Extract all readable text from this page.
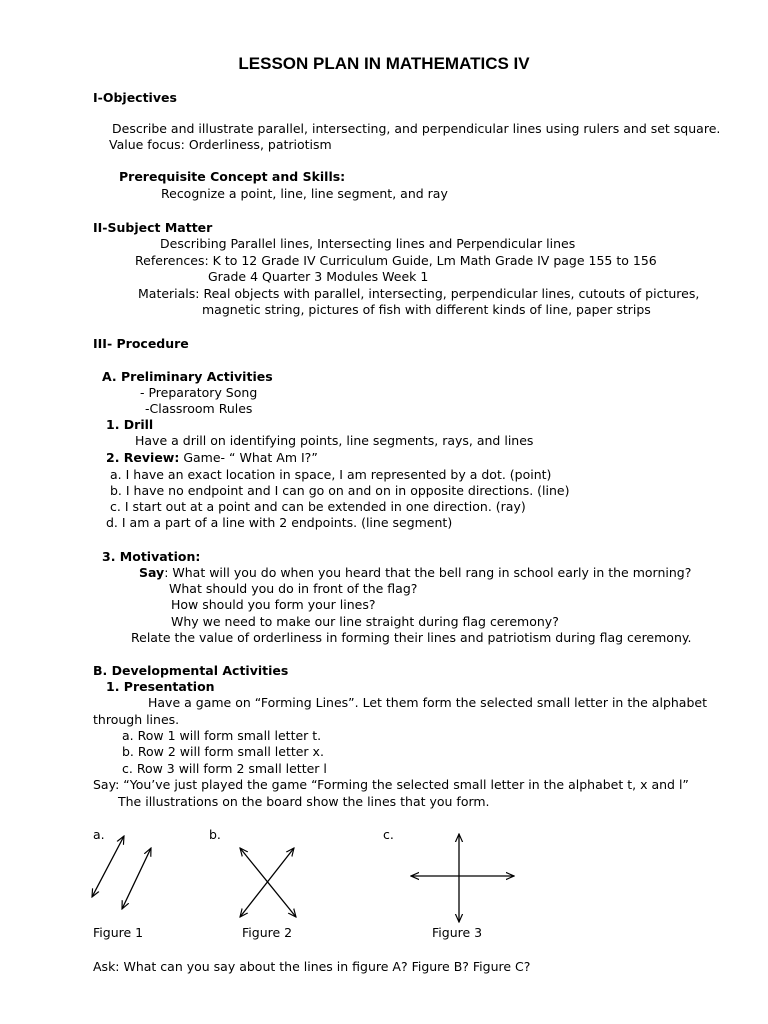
LESSON PLAN IN MATHEMATICS IV
I-Objectives
Describe and illustrate parallel, intersecting, and perpendicular lines using rulers and set square.
Value focus: Orderliness, patriotism
Prerequisite Concept and Skills:
Recognize a point, line, line segment, and ray
II-Subject Matter
Describing Parallel lines, Intersecting lines and Perpendicular lines
References: K to 12 Grade IV Curriculum Guide, Lm Math Grade IV page 155 to 156
Grade 4 Quarter 3 Modules Week 1
Materials: Real objects with parallel, intersecting, perpendicular lines, cutouts of pictures,
magnetic string, pictures of fish with different kinds of line, paper strips
III- Procedure
A. Preliminary Activities
- Preparatory Song
-Classroom Rules
1. Drill
Have a drill on identifying points, line segments, rays, and lines
2. Review: Game- “ What Am I?”
a. I have an exact location in space, I am represented by a dot. (point)
b. I have no endpoint and I can go on and on in opposite directions. (line)
c. I start out at a point and can be extended in one direction. (ray)
d. I am a part of a line with 2 endpoints. (line segment)
3. Motivation:
Say: What will you do when you heard that the bell rang in school early in the morning?
What should you do in front of the flag?
How should you form your lines?
Why we need to make our line straight during flag ceremony?
Relate the value of orderliness in forming their lines and patriotism during flag ceremony.
B. Developmental Activities
1. Presentation
Have a game on “Forming Lines”. Let them form the selected small letter in the alphabet
through lines.
a. Row 1 will form small letter t.
b. Row 2 will form small letter x.
c. Row 3 will form 2 small letter l
Say: “You’ve just played the game “Forming the selected small letter in the alphabet t, x and l”
The illustrations on the board show the lines that you form.
a.	b.	c.
Figure 1	Figure 2	Figure 3
Ask: What can you say about the lines in figure A? Figure B? Figure C?
